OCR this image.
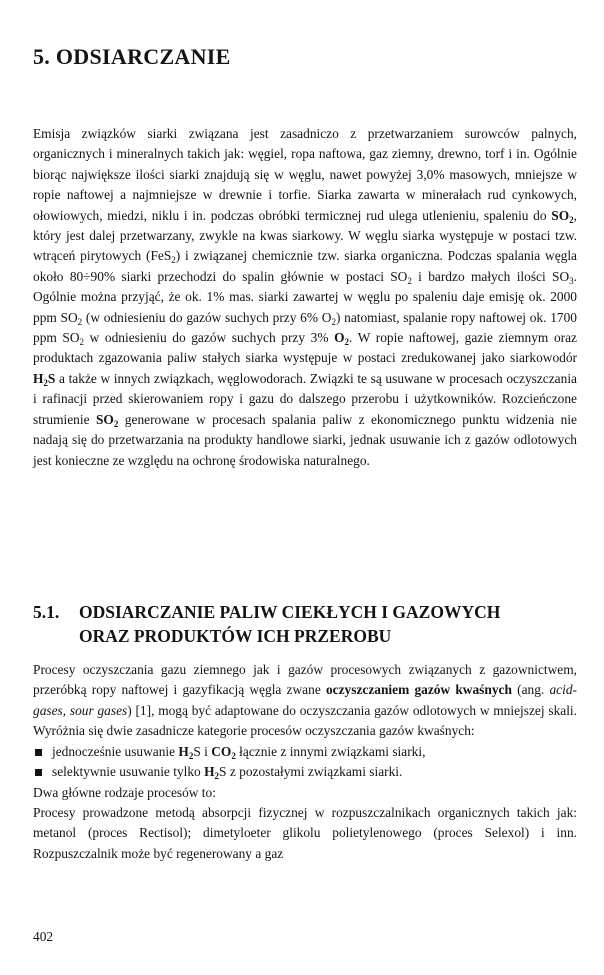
5. ODSIARCZANIE

Emisja związków siarki związana jest zasadniczo z przetwarzaniem surowców palnych, organicznych i mineralnych takich jak: węgiel, ropa naftowa, gaz ziemny, drewno, torf i in. Ogólnie biorąc największe ilości siarki znajdują się w węglu, nawet powyżej 3,0% masowych, mniejsze w ropie naftowej a najmniejsze w drewnie i torfie. Siarka zawarta w minerałach rud cynkowych, ołowiowych, miedzi, niklu i in. podczas obróbki termicznej rud ulega utlenieniu, spaleniu do $SO_2$, który jest dalej przetwarzany, zwykle na kwas siarkowy. W węglu siarka występuje w postaci tzw. wtrąceń pirytowych (FeS$_2$) i związanej chemicznie tzw. siarka organiczna. Podczas spalania węgla około 80÷90% siarki przechodzi do spalin głównie w postaci $SO_2$ i bardzo małych ilości $SO_3$. Ogólnie można przyjąć, że ok. 1% mas. siarki zawartej w węglu po spaleniu daje emisję ok. 2000 ppm $SO_2$ (w odniesieniu do gazów suchych przy 6% $O_2$) natomiast, spalanie ropy naftowej ok. 1700 ppm $SO_2$ w odniesieniu do gazów suchych przy 3% $O_2$. W ropie naftowej, gazie ziemnym oraz produktach zgazowania paliw stałych siarka występuje w postaci zredukowanej jako siarkowodór $H_2S$ a także w innych związkach, węglowodorach. Związki te są usuwane w procesach oczyszczania i rafinacji przed skierowaniem ropy i gazu do dalszego przerobu i użytkowników. Rozcieńczone strumienie $SO_2$ generowane w procesach spalania paliw z ekonomicznego punktu widzenia nie nadają się do przetwarzania na produkty handlowe siarki, jednak usuwanie ich z gazów odlotowych jest konieczne ze względu na ochronę środowiska naturalnego.

5.1. ODSIARCZANIE PALIW CIEKŁYCH I GAZOWYCH
ORAZ PRODUKTÓW ICH PRZEROBU

Procesy oczyszczania gazu ziemnego jak i gazów procesowych związanych z gazownictwem, przeróbką ropy naftowej i gazyfikacją węgla zwane oczyszczaniem gazów kwaśnych (ang. acid-gases, sour gases) [1], mogą być adaptowane do oczyszczania gazów odlotowych w mniejszej skali. Wyróżnia się dwie zasadnicze kategorie procesów oczyszczania gazów kwaśnych:

jednocześnie usuwanie $H_2S$ i $CO_2$ łącznie z innymi związkami siarki,
selektywnie usuwanie tylko $H_2S$ z pozostałymi związkami siarki.

Dwa główne rodzaje procesów to:

Procesy prowadzone metodą absorpcji fizycznej w rozpuszczalnikach organicznych takich jak: metanol (proces Rectisol); dimetyloeter glikolu polietylenowego (proces Selexol) i inn. Rozpuszczalnik może być regenerowany a gaz

402
